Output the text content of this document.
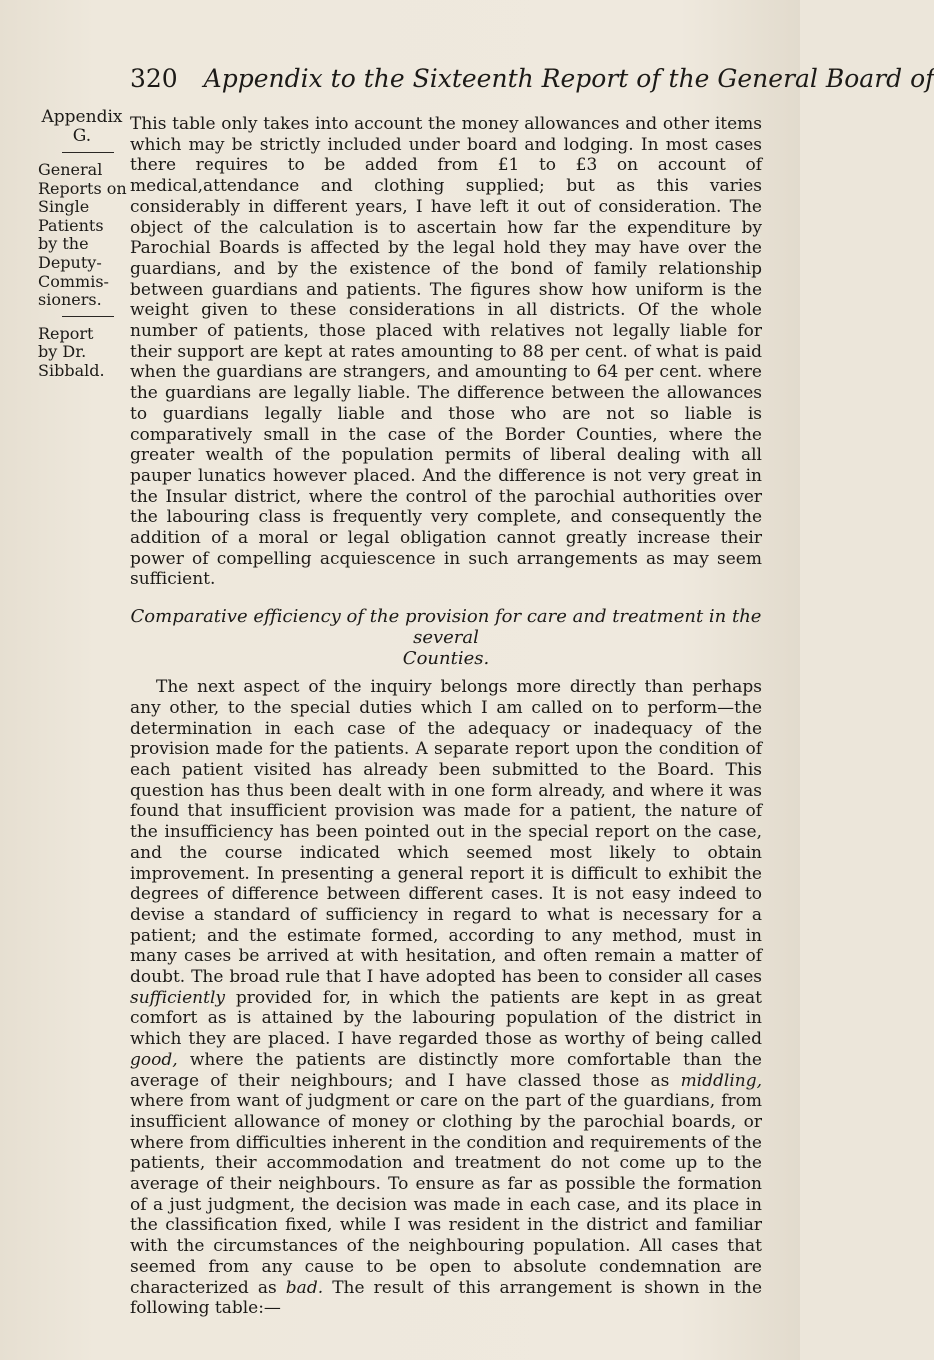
320 Appendix to the Sixteenth Report of the General Board of
Appendix
G.
General
Reports on
Single
Patients
by the
Deputy-
Commis-
sioners.
Report
by Dr.
Sibbald.

This table only takes into account the money allowances and other items which may be strictly included under board and lodging. In most cases there requires to be added from £1 to £3 on account of medical,attendance and clothing supplied; but as this varies considerably in different years, I have left it out of consideration. The object of the calculation is to ascertain how far the expenditure by Parochial Boards is affected by the legal hold they may have over the guardians, and by the existence of the bond of family relationship between guardians and patients. The figures show how uniform is the weight given to these considerations in all districts. Of the whole number of patients, those placed with relatives not legally liable for their support are kept at rates amounting to 88 per cent. of what is paid when the guardians are strangers, and amounting to 64 per cent. where the guardians are legally liable. The difference between the allowances to guardians legally liable and those who are not so liable is comparatively small in the case of the Border Counties, where the greater wealth of the population permits of liberal dealing with all pauper lunatics however placed. And the difference is not very great in the Insular district, where the control of the parochial authorities over the labouring class is frequently very complete, and consequently the addition of a moral or legal obligation cannot greatly increase their power of compelling acquiescence in such arrangements as may seem sufficient.

Comparative efficiency of the provision for care and treatment in the several
Counties.

The next aspect of the inquiry belongs more directly than perhaps any other, to the special duties which I am called on to perform—the determination in each case of the adequacy or inadequacy of the provision made for the patients. A separate report upon the condition of each patient visited has already been submitted to the Board. This question has thus been dealt with in one form already, and where it was found that insufficient provision was made for a patient, the nature of the insufficiency has been pointed out in the special report on the case, and the course indicated which seemed most likely to obtain improvement. In presenting a general report it is difficult to exhibit the degrees of difference between different cases. It is not easy indeed to devise a standard of sufficiency in regard to what is necessary for a patient; and the estimate formed, according to any method, must in many cases be arrived at with hesitation, and often remain a matter of doubt. The broad rule that I have adopted has been to consider all cases sufficiently provided for, in which the patients are kept in as great comfort as is attained by the labouring population of the district in which they are placed. I have regarded those as worthy of being called good, where the patients are distinctly more comfortable than the average of their neighbours; and I have classed those as middling, where from want of judgment or care on the part of the guardians, from insufficient allowance of money or clothing by the parochial boards, or where from difficulties inherent in the condition and requirements of the patients, their accommodation and treatment do not come up to the average of their neighbours. To ensure as far as possible the formation of a just judgment, the decision was made in each case, and its place in the classification fixed, while I was resident in the district and familiar with the circumstances of the neighbouring population. All cases that seemed from any cause to be open to absolute condemnation are characterized as bad. The result of this arrangement is shown in the following table:—
